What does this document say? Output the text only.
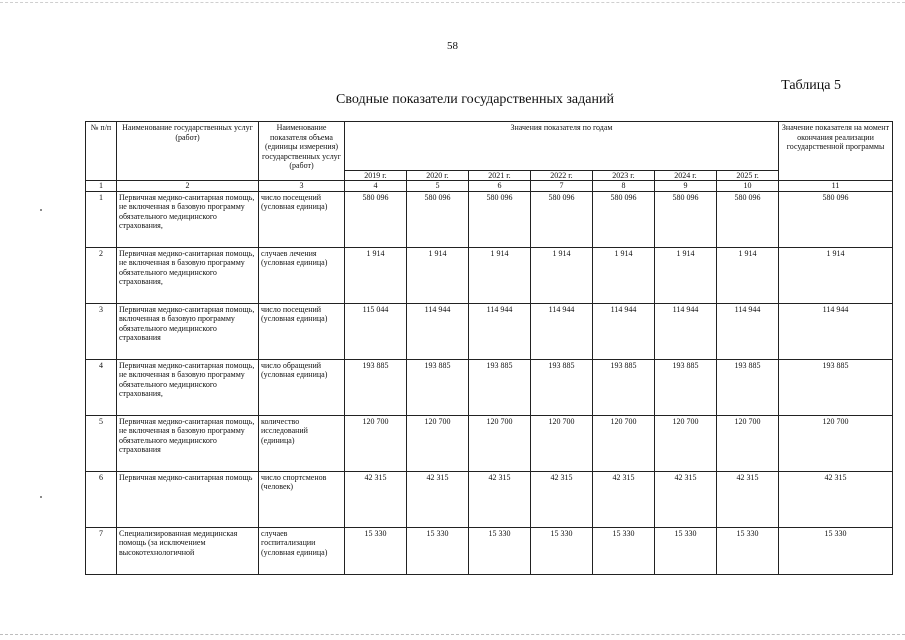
58
Таблица 5
Сводные показатели государственных заданий
№ п/п	Наименование государственных услуг (работ)	Наименование показателя объема (единицы измерения) государственных услуг (работ)	Значения показателя по годам							Значение показателя на момент окончания реализации государственной программы
			2019 г.	2020 г.	2021 г.	2022 г.	2023 г.	2024 г.	2025 г.	
1	2	3	4	5	6	7	8	9	10	11
1	Первичная медико-санитарная помощь, не включенная в базовую программу обязательного медицинского страхования,	число посещений (условная единица)	580 096	580 096	580 096	580 096	580 096	580 096	580 096	580 096
2	Первичная медико-санитарная помощь, не включенная в базовую программу обязательного медицинского страхования,	случаев лечения (условная единица)	1 914	1 914	1 914	1 914	1 914	1 914	1 914	1 914
3	Первичная медико-санитарная помощь, включенная в базовую программу обязательного медицинского страхования	число посещений (условная единица)	115 044	114 944	114 944	114 944	114 944	114 944	114 944	114 944
4	Первичная медико-санитарная помощь, не включенная в базовую программу обязательного медицинского страхования,	число обращений (условная единица)	193 885	193 885	193 885	193 885	193 885	193 885	193 885	193 885
5	Первичная медико-санитарная помощь, не включенная в базовую программу обязательного медицинского страхования	количество исследований (единица)	120 700	120 700	120 700	120 700	120 700	120 700	120 700	120 700
6	Первичная медико-санитарная помощь	число спортсменов (человек)	42 315	42 315	42 315	42 315	42 315	42 315	42 315	42 315
7	Специализированная медицинская помощь (за исключением высокотехнологичной	случаев госпитализации (условная единица)	15 330	15 330	15 330	15 330	15 330	15 330	15 330	15 330
